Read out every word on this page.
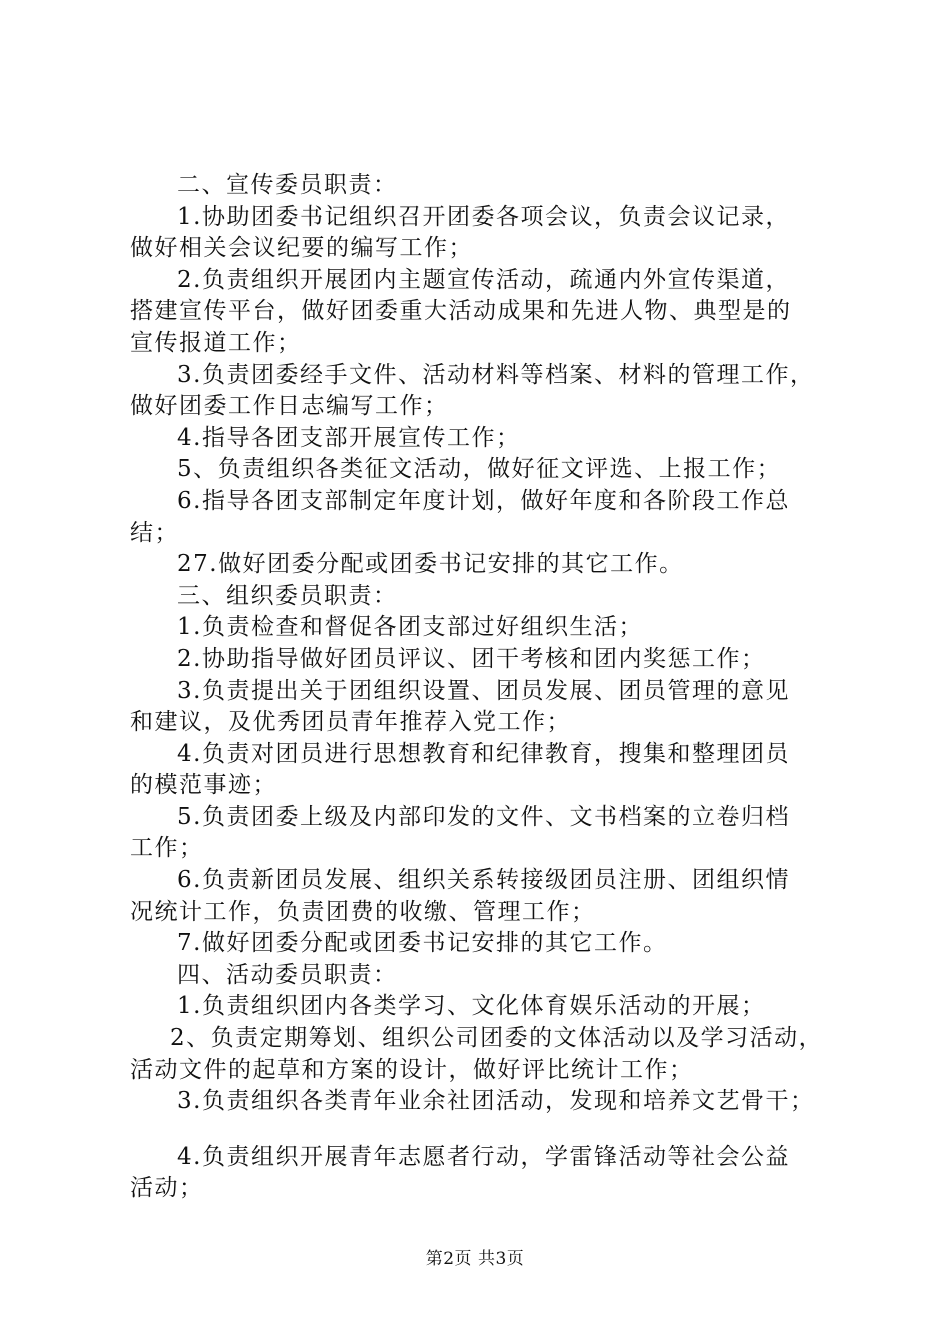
二、宣传委员职责：

1.协助团委书记组织召开团委各项会议，负责会议记录，

做好相关会议纪要的编写工作；

2.负责组织开展团内主题宣传活动，疏通内外宣传渠道，

搭建宣传平台，做好团委重大活动成果和先进人物、典型是的

宣传报道工作；

3.负责团委经手文件、活动材料等档案、材料的管理工作，

做好团委工作日志编写工作；

4.指导各团支部开展宣传工作；

5、负责组织各类征文活动，做好征文评选、上报工作；

6.指导各团支部制定年度计划，做好年度和各阶段工作总

结；

27.做好团委分配或团委书记安排的其它工作。

三、组织委员职责：

1.负责检查和督促各团支部过好组织生活；

2.协助指导做好团员评议、团干考核和团内奖惩工作；

3.负责提出关于团组织设置、团员发展、团员管理的意见

和建议，及优秀团员青年推荐入党工作；

4.负责对团员进行思想教育和纪律教育，搜集和整理团员

的模范事迹；

5.负责团委上级及内部印发的文件、文书档案的立卷归档

工作；

6.负责新团员发展、组织关系转接级团员注册、团组织情

况统计工作，负责团费的收缴、管理工作；

7.做好团委分配或团委书记安排的其它工作。

四、活动委员职责：

1.负责组织团内各类学习、文化体育娱乐活动的开展；

2、负责定期筹划、组织公司团委的文体活动以及学习活动，

活动文件的起草和方案的设计，做好评比统计工作；

3.负责组织各类青年业余社团活动，发现和培养文艺骨干；

4.负责组织开展青年志愿者行动，学雷锋活动等社会公益

活动；

第2页 共3页
